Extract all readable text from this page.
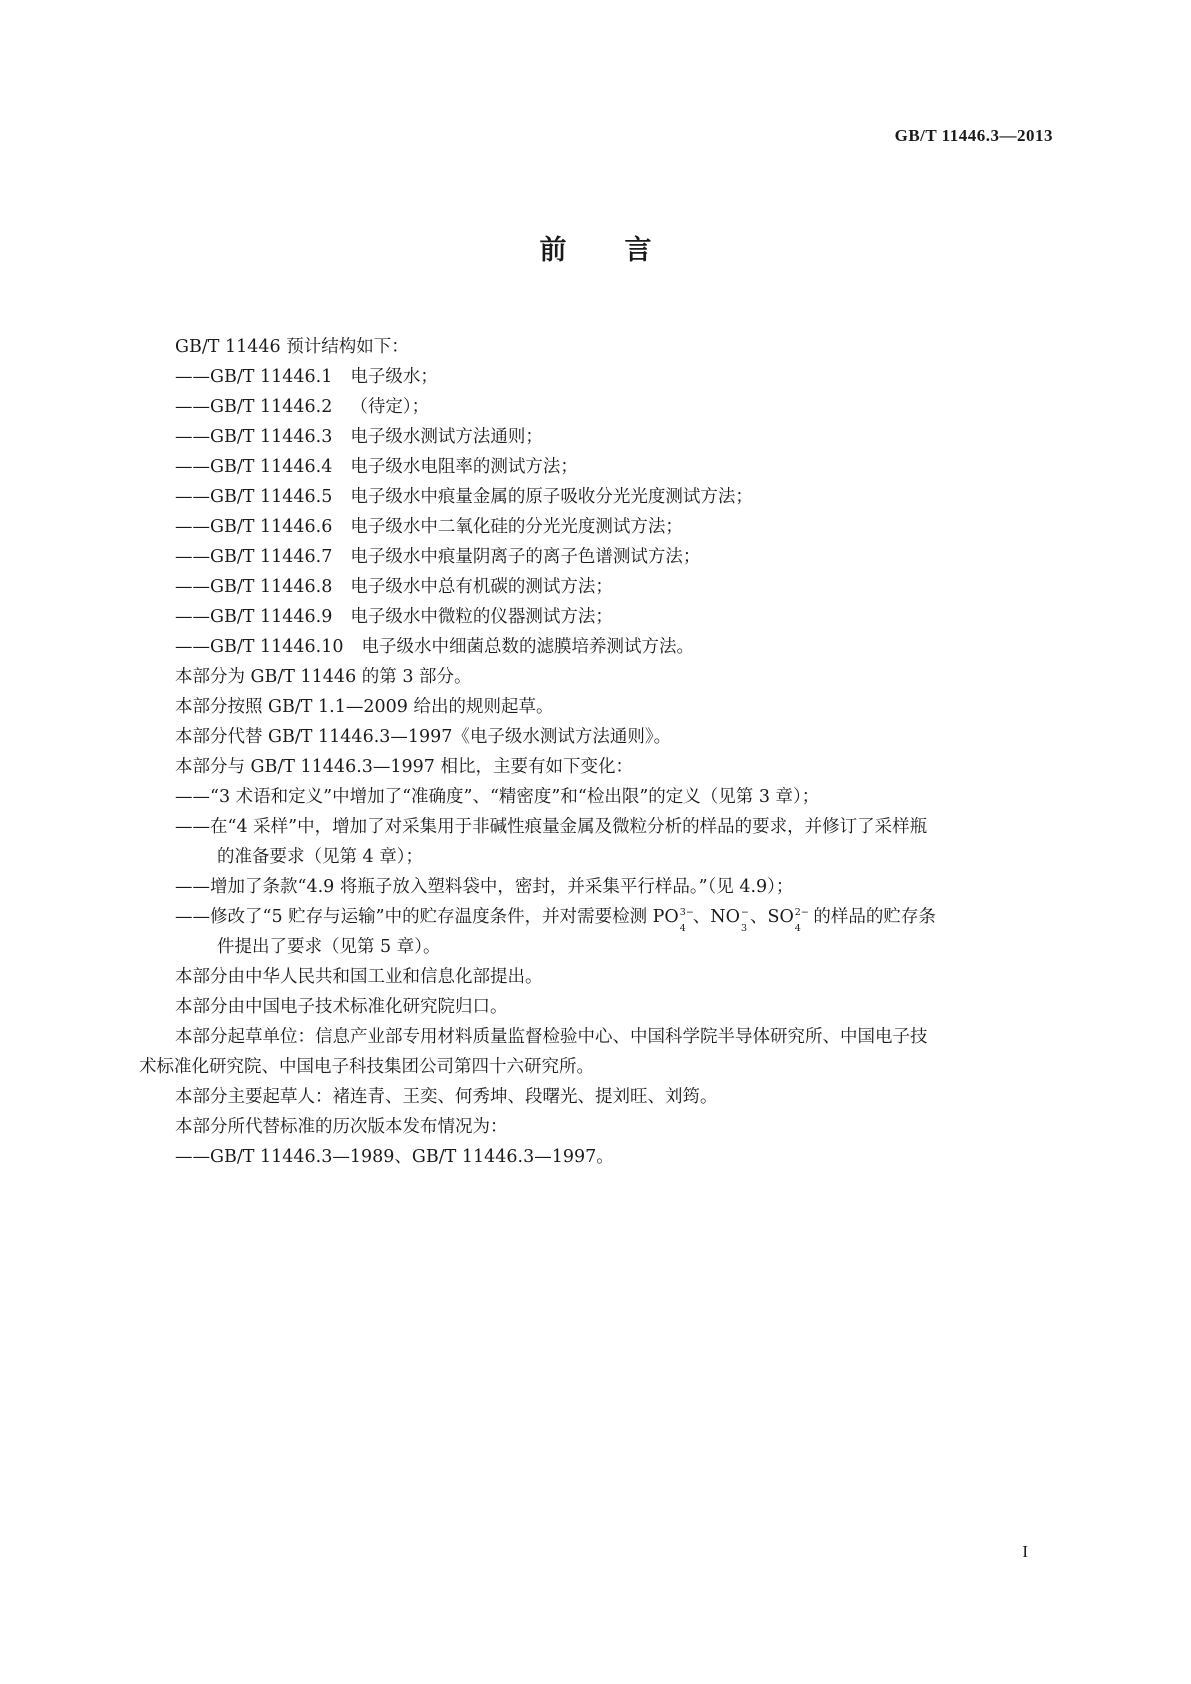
GB/T 11446.3—2013
前言
GB/T 11446 预计结构如下：
——GB/T 11446.1 电子级水；
——GB/T 11446.2 （待定）；
——GB/T 11446.3 电子级水测试方法通则；
——GB/T 11446.4 电子级水电阻率的测试方法；
——GB/T 11446.5 电子级水中痕量金属的原子吸收分光光度测试方法；
——GB/T 11446.6 电子级水中二氧化硅的分光光度测试方法；
——GB/T 11446.7 电子级水中痕量阴离子的离子色谱测试方法；
——GB/T 11446.8 电子级水中总有机碳的测试方法；
——GB/T 11446.9 电子级水中微粒的仪器测试方法；
——GB/T 11446.10 电子级水中细菌总数的滤膜培养测试方法。
本部分为 GB/T 11446 的第 3 部分。
本部分按照 GB/T 1.1—2009 给出的规则起草。
本部分代替 GB/T 11446.3—1997《电子级水测试方法通则》。
本部分与 GB/T 11446.3—1997 相比，主要有如下变化：
——“3 术语和定义”中增加了“准确度”、“精密度”和“检出限”的定义（见第 3 章）；
——在“4 采样”中，增加了对采集用于非碱性痕量金属及微粒分析的样品的要求，并修订了采样瓶
的准备要求（见第 4 章）；
——增加了条款“4.9 将瓶子放入塑料袋中，密封，并采集平行样品。”（见 4.9）；
——修改了“5 贮存与运输”中的贮存温度条件，并对需要检测 PO 3−
4
、NO −
3
、SO 2−
4
的样品的贮存条
件提出了要求（见第 5 章）。
本部分由中华人民共和国工业和信息化部提出。
本部分由中国电子技术标准化研究院归口。
本部分起草单位：信息产业部专用材料质量监督检验中心、中国科学院半导体研究所、中国电子技
术标准化研究院、中国电子科技集团公司第四十六研究所。
本部分主要起草人：褚连青、王奕、何秀坤、段曙光、提刘旺、刘筠。
本部分所代替标准的历次版本发布情况为：
——GB/T 11446.3—1989、GB/T 11446.3—1997。
I
